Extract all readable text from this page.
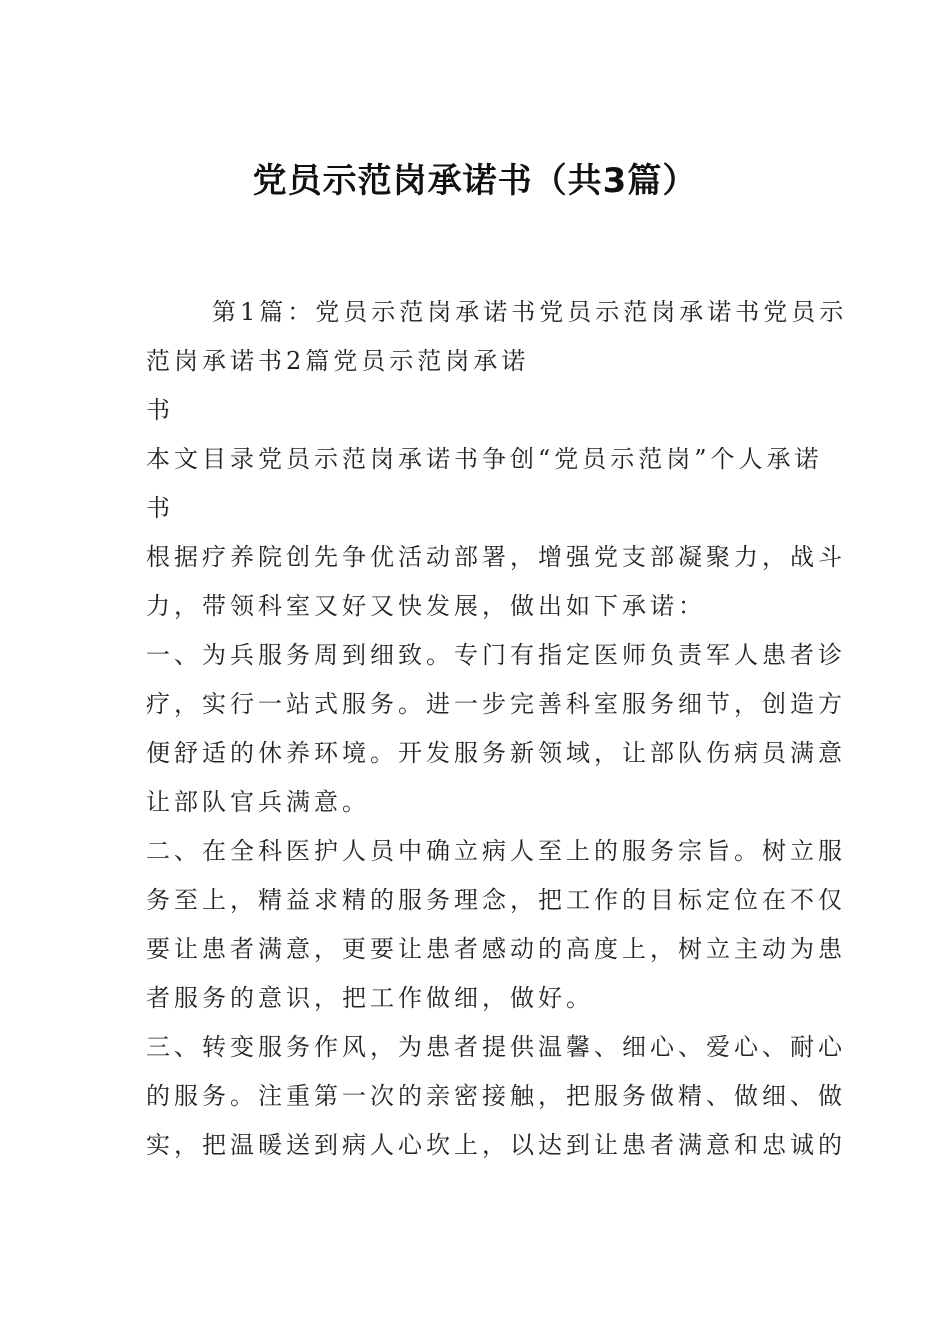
党员示范岗承诺书（共3篇）
第1篇：党员示范岗承诺书党员示范岗承诺书党员示
范岗承诺书2篇党员示范岗承诺
书
本文目录党员示范岗承诺书争创“党员示范岗”个人承诺
书
根据疗养院创先争优活动部署，增强党支部凝聚力，战斗
力，带领科室又好又快发展，做出如下承诺：
一、为兵服务周到细致。专门有指定医师负责军人患者诊
疗，实行一站式服务。进一步完善科室服务细节，创造方
便舒适的休养环境。开发服务新领域，让部队伤病员满意
让部队官兵满意。
二、在全科医护人员中确立病人至上的服务宗旨。树立服
务至上，精益求精的服务理念，把工作的目标定位在不仅
要让患者满意，更要让患者感动的高度上，树立主动为患
者服务的意识，把工作做细，做好。
三、转变服务作风，为患者提供温馨、细心、爱心、耐心
的服务。注重第一次的亲密接触，把服务做精、做细、做
实，把温暖送到病人心坎上，以达到让患者满意和忠诚的
